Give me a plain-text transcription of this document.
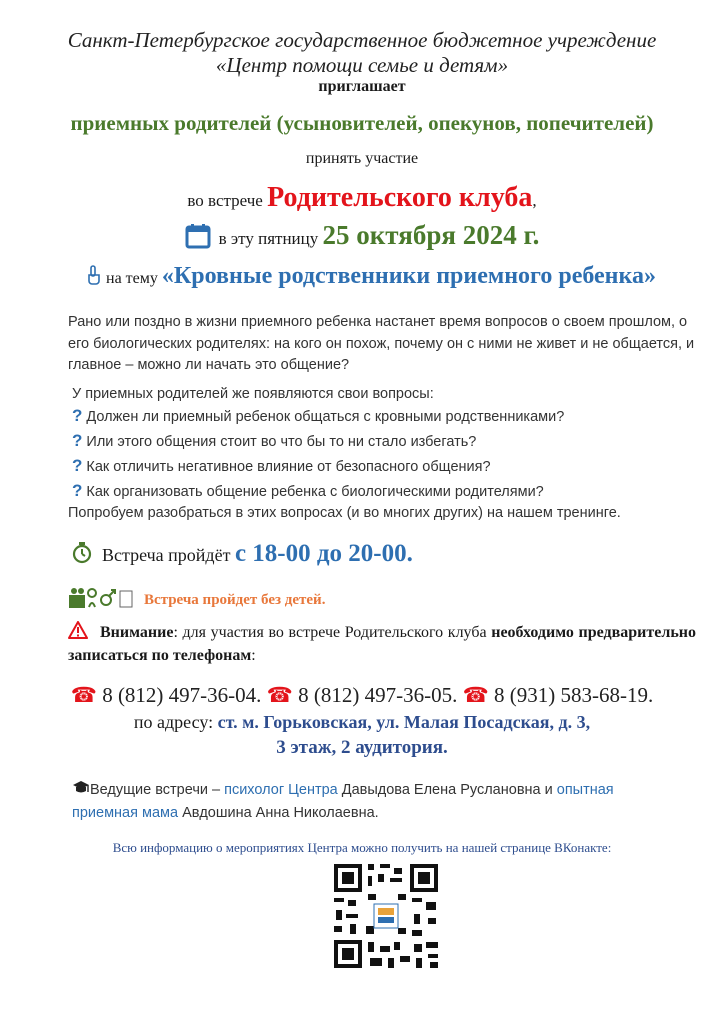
Санкт-Петербургское государственное бюджетное учреждение
«Центр помощи семье и детям»
приглашает
приемных родителей (усыновителей, опекунов, попечителей)
принять участие
во встрече Родительского клуба,
в эту пятницу 25 октября 2024 г.
на тему «Кровные родственники приемного ребенка»
Рано или поздно в жизни приемного ребенка настанет время вопросов о своем прошлом, о его биологических родителях: на кого он похож, почему он с ними не живет и не общается, и главное – можно ли начать это общение?
У приемных родителей же появляются свои вопросы:
? Должен ли приемный ребенок общаться с кровными родственниками?
? Или этого общения стоит во что бы то ни стало избегать?
? Как отличить негативное влияние от безопасного общения?
? Как организовать общение ребенка с биологическими родителями?
Попробуем разобраться в этих вопросах (и во многих других) на нашем тренинге.
Встреча пройдёт с 18-00 до 20-00.
Встреча пройдет без детей.
Внимание: для участия во встрече Родительского клуба необходимо предварительно записаться по телефонам:
☎ 8 (812) 497-36-04. ☎ 8 (812) 497-36-05. ☎ 8 (931) 583-68-19.
по адресу: ст. м. Горьковская, ул. Малая Посадская, д. 3,
3 этаж, 2 аудитория.
Ведущие встречи – психолог Центра Давыдова Елена Руслановна и опытная приемная мама Авдошина Анна Николаевна.
Всю информацию о мероприятиях Центра можно получить на нашей странице ВКонакте:
